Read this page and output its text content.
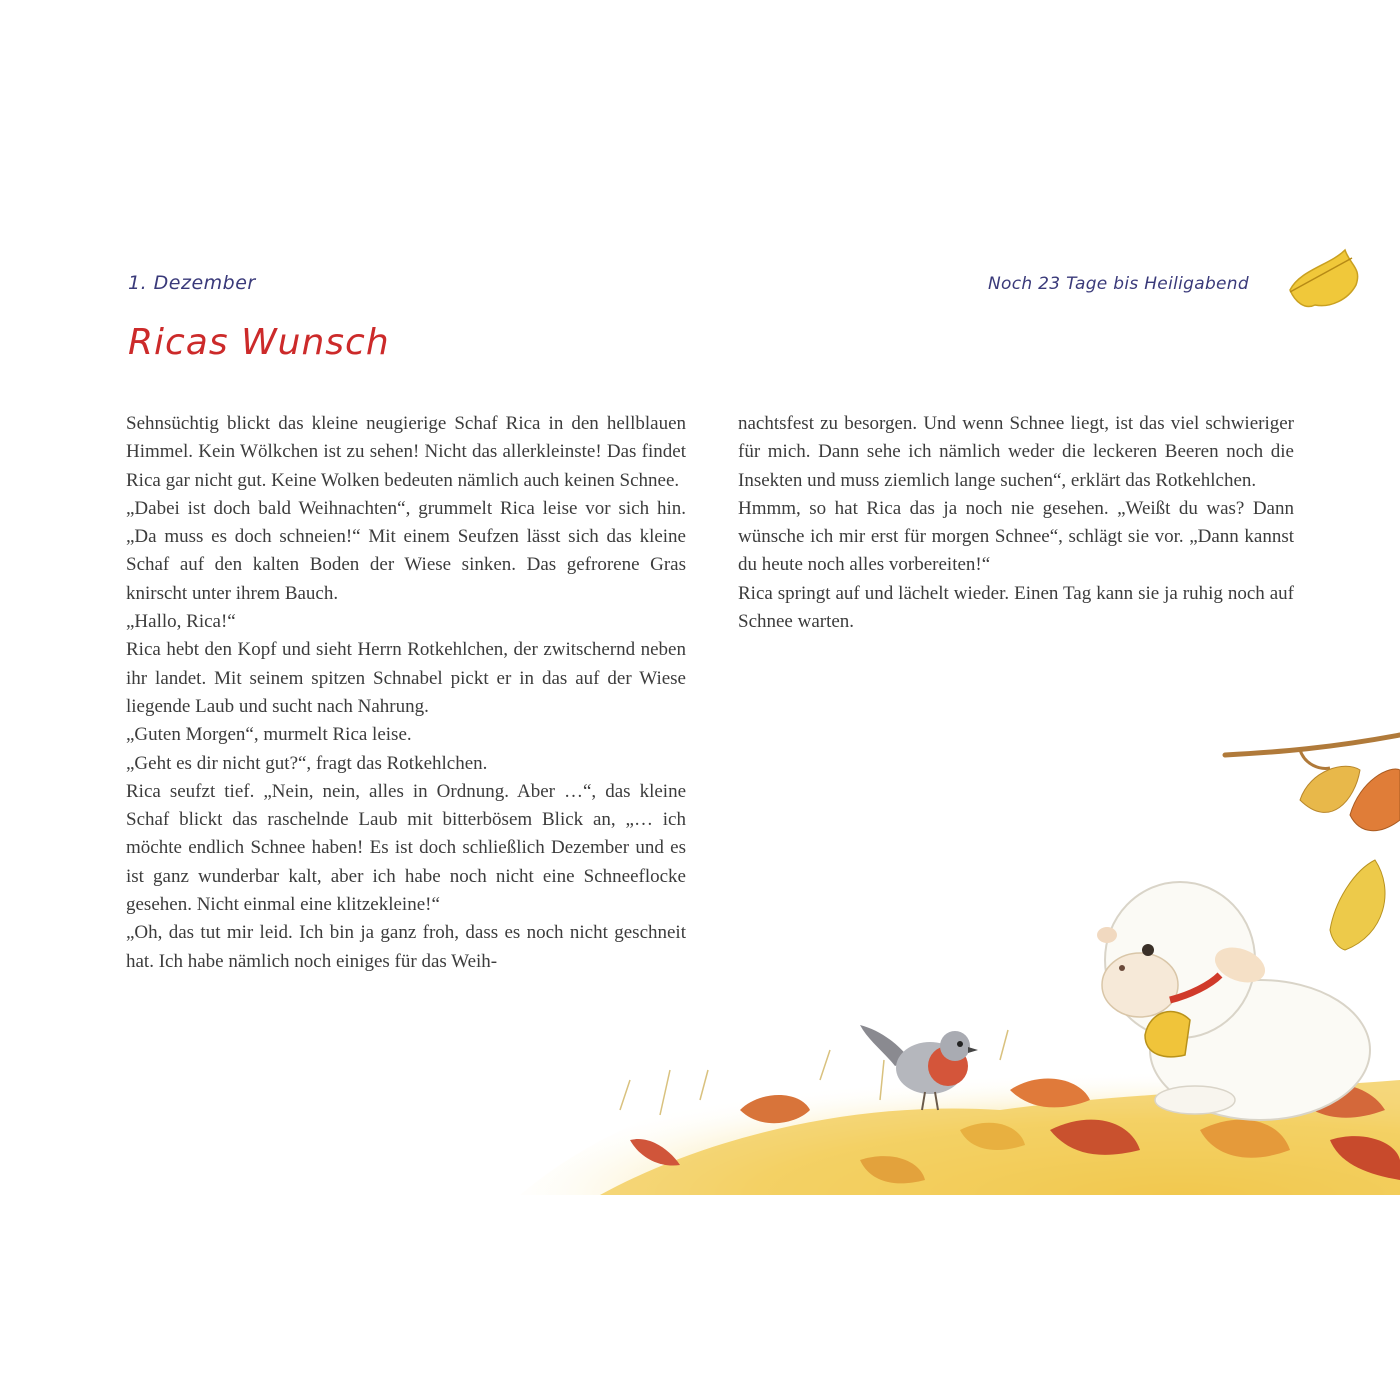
1. Dezember	Noch 23 Tage bis Heiligabend
Ricas Wunsch

Sehnsüchtig blickt das kleine neugierige Schaf Rica in den hellblauen Himmel. Kein Wölkchen ist zu sehen! Nicht das allerkleinste! Das findet Rica gar nicht gut. Keine Wolken bedeuten nämlich auch keinen Schnee.

„Dabei ist doch bald Weihnachten“, grummelt Rica leise vor sich hin. „Da muss es doch schneien!“ Mit einem Seufzen lässt sich das kleine Schaf auf den kalten Boden der Wiese sinken. Das gefrorene Gras knirscht unter ihrem Bauch.

„Hallo, Rica!“

Rica hebt den Kopf und sieht Herrn Rotkehlchen, der zwitschernd neben ihr landet. Mit seinem spitzen Schnabel pickt er in das auf der Wiese liegende Laub und sucht nach Nahrung.

„Guten Morgen“, murmelt Rica leise.

„Geht es dir nicht gut?“, fragt das Rotkehlchen.

Rica seufzt tief. „Nein, nein, alles in Ordnung. Aber …“, das kleine Schaf blickt das raschelnde Laub mit bitterbösem Blick an, „… ich möchte endlich Schnee haben! Es ist doch schließlich Dezember und es ist ganz wunderbar kalt, aber ich habe noch nicht eine Schneeflocke gesehen. Nicht einmal eine klitzekleine!“

„Oh, das tut mir leid. Ich bin ja ganz froh, dass es noch nicht geschneit hat. Ich habe nämlich noch einiges für das Weih-

nachtsfest zu besorgen. Und wenn Schnee liegt, ist das viel schwieriger für mich. Dann sehe ich nämlich weder die leckeren Beeren noch die Insekten und muss ziemlich lange suchen“, erklärt das Rotkehlchen.

Hmmm, so hat Rica das ja noch nie gesehen. „Weißt du was? Dann wünsche ich mir erst für morgen Schnee“, schlägt sie vor. „Dann kannst du heute noch alles vorbereiten!“

Rica springt auf und lächelt wieder. Einen Tag kann sie ja ruhig noch auf Schnee warten.
